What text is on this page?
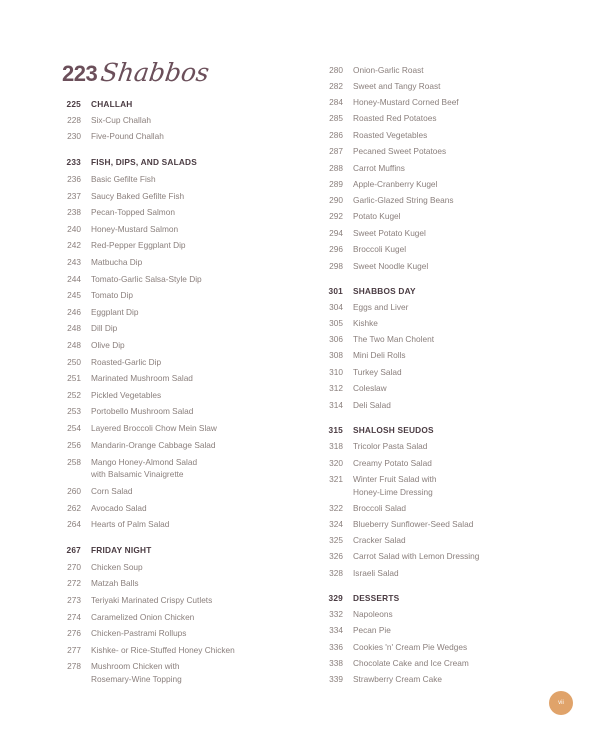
223 Shabbos
225 CHALLAH
228 Six-Cup Challah
230 Five-Pound Challah
233 FISH, DIPS, AND SALADS
236 Basic Gefilte Fish
237 Saucy Baked Gefilte Fish
238 Pecan-Topped Salmon
240 Honey-Mustard Salmon
242 Red-Pepper Eggplant Dip
243 Matbucha Dip
244 Tomato-Garlic Salsa-Style Dip
245 Tomato Dip
246 Eggplant Dip
248 Dill Dip
248 Olive Dip
250 Roasted-Garlic Dip
251 Marinated Mushroom Salad
252 Pickled Vegetables
253 Portobello Mushroom Salad
254 Layered Broccoli Chow Mein Slaw
256 Mandarin-Orange Cabbage Salad
258 Mango Honey-Almond Salad
with Balsamic Vinaigrette
260 Corn Salad
262 Avocado Salad
264 Hearts of Palm Salad
267 FRIDAY NIGHT
270 Chicken Soup
272 Matzah Balls
273 Teriyaki Marinated Crispy Cutlets
274 Caramelized Onion Chicken
276 Chicken-Pastrami Rollups
277 Kishke- or Rice-Stuffed Honey Chicken
278 Mushroom Chicken with
Rosemary-Wine Topping
280 Onion-Garlic Roast
282 Sweet and Tangy Roast
284 Honey-Mustard Corned Beef
285 Roasted Red Potatoes
286 Roasted Vegetables
287 Pecaned Sweet Potatoes
288 Carrot Muffins
289 Apple-Cranberry Kugel
290 Garlic-Glazed String Beans
292 Potato Kugel
294 Sweet Potato Kugel
296 Broccoli Kugel
298 Sweet Noodle Kugel
301 SHABBOS DAY
304 Eggs and Liver
305 Kishke
306 The Two Man Cholent
308 Mini Deli Rolls
310 Turkey Salad
312 Coleslaw
314 Deli Salad
315 SHALOSH SEUDOS
318 Tricolor Pasta Salad
320 Creamy Potato Salad
321 Winter Fruit Salad with
Honey-Lime Dressing
322 Broccoli Salad
324 Blueberry Sunflower-Seed Salad
325 Cracker Salad
326 Carrot Salad with Lemon Dressing
328 Israeli Salad
329 DESSERTS
332 Napoleons
334 Pecan Pie
336 Cookies 'n' Cream Pie Wedges
338 Chocolate Cake and Ice Cream
339 Strawberry Cream Cake
vii
